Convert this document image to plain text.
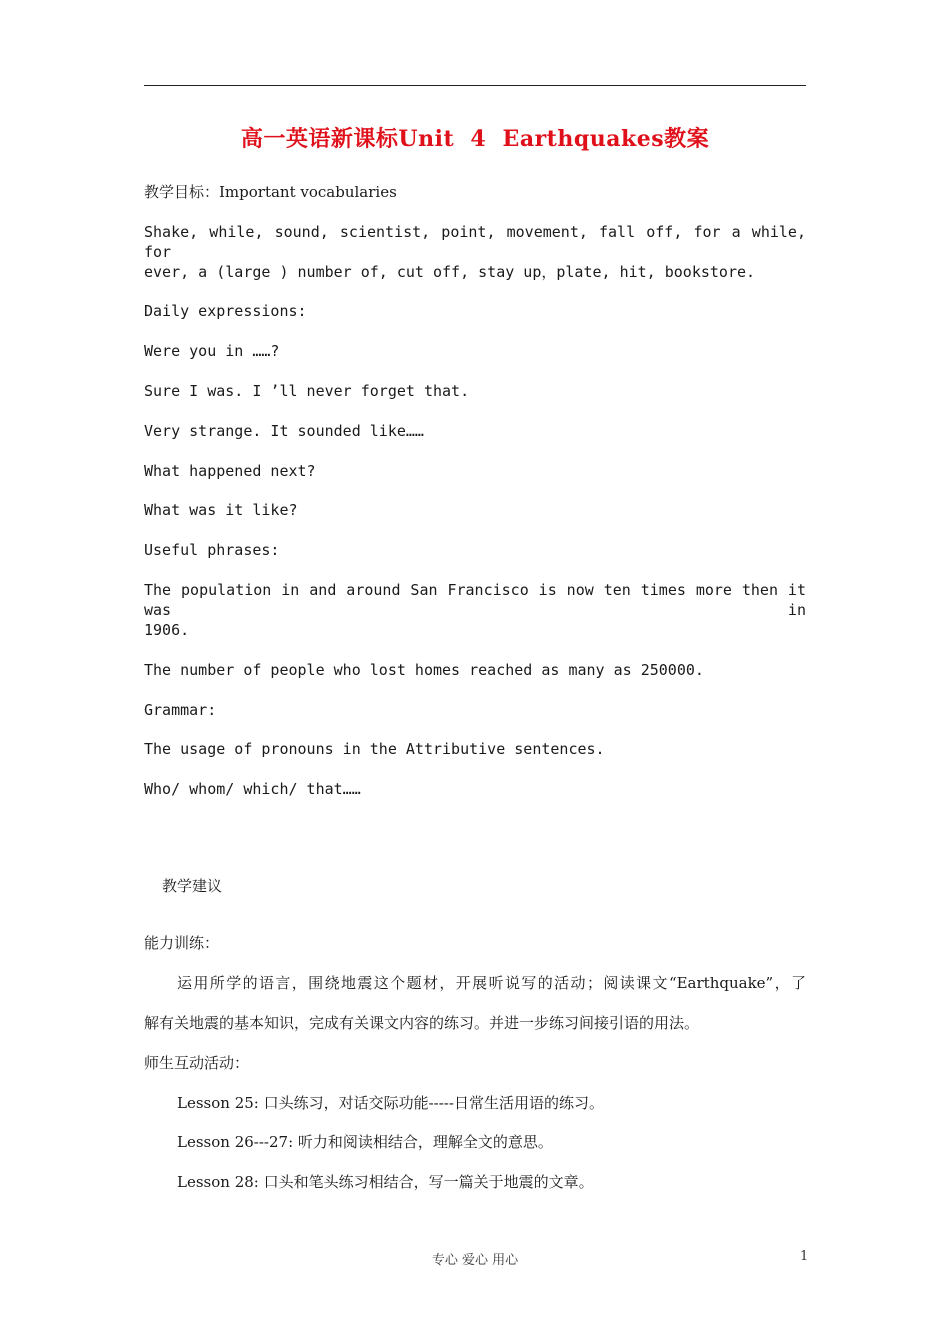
高一英语新课标Unit  4  Earthquakes教案
教学目标：Important vocabularies
Shake, while, sound, scientist, point, movement, fall off, for a while, for
ever, a (large ) number of, cut off, stay up，plate, hit, bookstore.
Daily expressions:
Were you in ……?
Sure I was. I ’ll never forget that.
Very strange. It sounded like……
What happened next?
What was it like?
Useful phrases:
The population in and around San Francisco is now ten times more then it was in
1906.
The number of people who lost homes reached as many as 250000.
Grammar:
The usage of pronouns in the Attributive sentences.
Who/ whom/ which/ that……
教学建议
能力训练：
运用所学的语言，围绕地震这个题材，开展听说写的活动；阅读课文“Earthquake”，了
解有关地震的基本知识，完成有关课文内容的练习。并进一步练习间接引语的用法。
师生互动活动：
Lesson 25: 口头练习，对话交际功能-----日常生活用语的练习。
Lesson 26---27: 听力和阅读相结合，理解全文的意思。
Lesson 28: 口头和笔头练习相结合，写一篇关于地震的文章。
专心 爱心 用心	1
